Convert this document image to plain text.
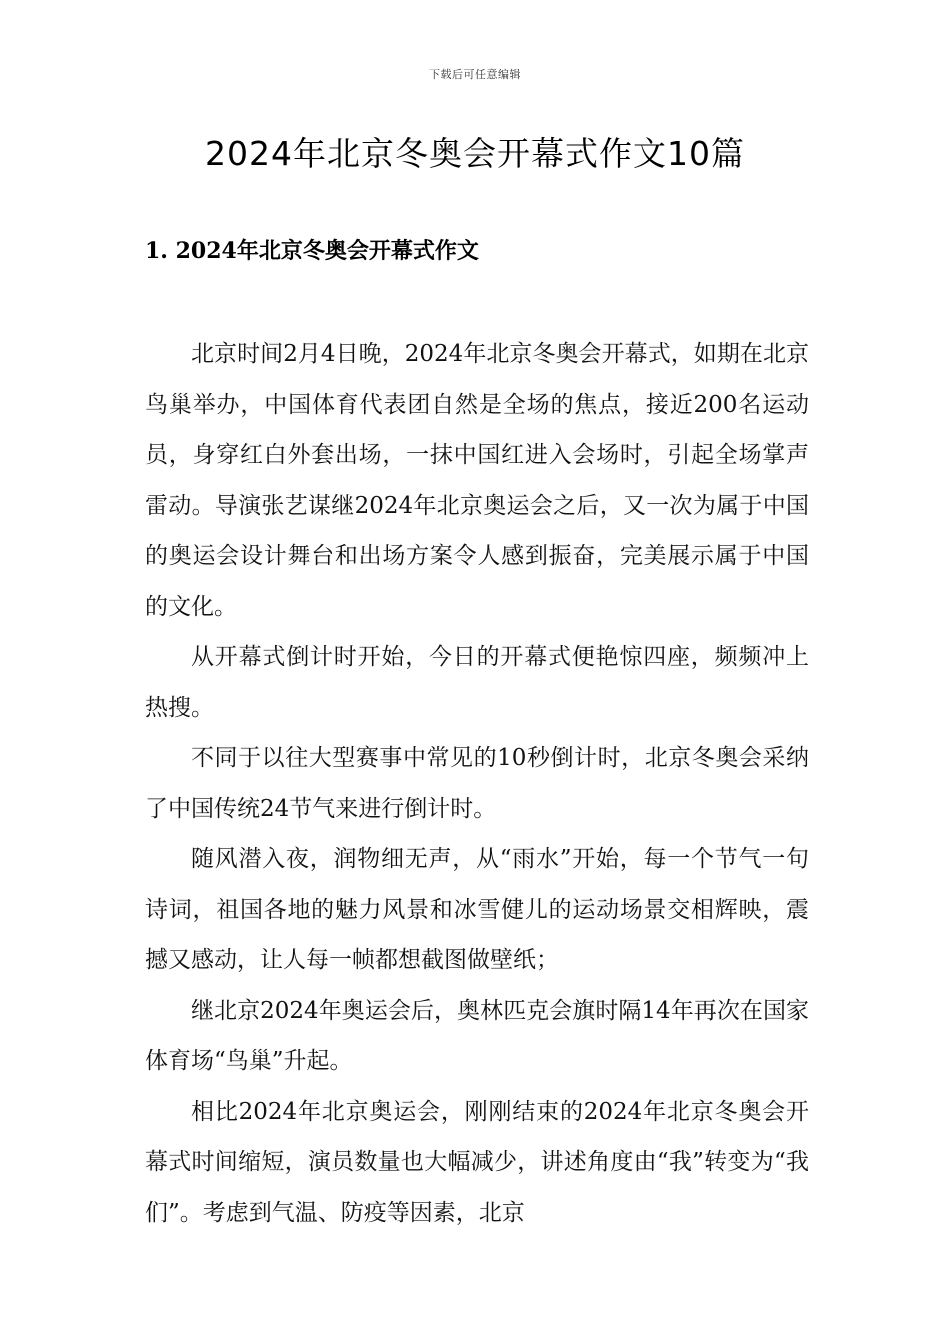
下载后可任意编辑
2024年北京冬奥会开幕式作文10篇
1. 2024年北京冬奥会开幕式作文

北京时间2月4日晚，2024年北京冬奥会开幕式，如期在北京鸟巢举办，中国体育代表团自然是全场的焦点，接近200名运动员，身穿红白外套出场，一抹中国红进入会场时，引起全场掌声雷动。导演张艺谋继2024年北京奥运会之后，又一次为属于中国的奥运会设计舞台和出场方案令人感到振奋，完美展示属于中国的文化。

从开幕式倒计时开始，今日的开幕式便艳惊四座，频频冲上热搜。

不同于以往大型赛事中常见的10秒倒计时，北京冬奥会采纳了中国传统24节气来进行倒计时。

随风潜入夜，润物细无声，从“雨水”开始，每一个节气一句诗词，祖国各地的魅力风景和冰雪健儿的运动场景交相辉映，震撼又感动，让人每一帧都想截图做壁纸；

继北京2024年奥运会后，奥林匹克会旗时隔14年再次在国家体育场“鸟巢”升起。

相比2024年北京奥运会，刚刚结束的2024年北京冬奥会开幕式时间缩短，演员数量也大幅减少，讲述角度由“我”转变为“我们”。考虑到气温、防疫等因素，北京
